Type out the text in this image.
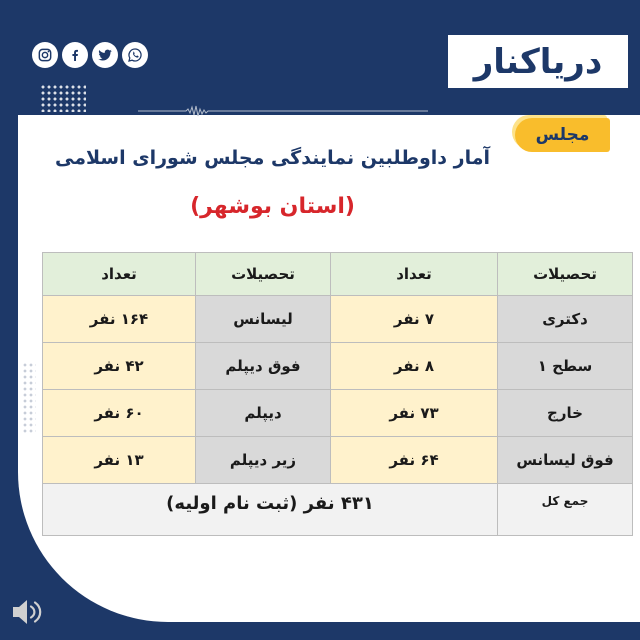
دریاکنار
مجلس
آمار داوطلبین نمایندگی مجلس شورای اسلامی
(استان بوشهر)
تحصیلات	تعداد	تحصیلات	تعداد
دکتری	۷ نفر	لیسانس	۱۶۴ نفر
سطح ۱	۸ نفر	فوق دیپلم	۴۲ نفر
خارج	۷۳ نفر	دیپلم	۶۰ نفر
فوق لیسانس	۶۴ نفر	زیر دیپلم	۱۳ نفر
جمع کل	۴۳۱ نفر (ثبت نام اولیه)		
